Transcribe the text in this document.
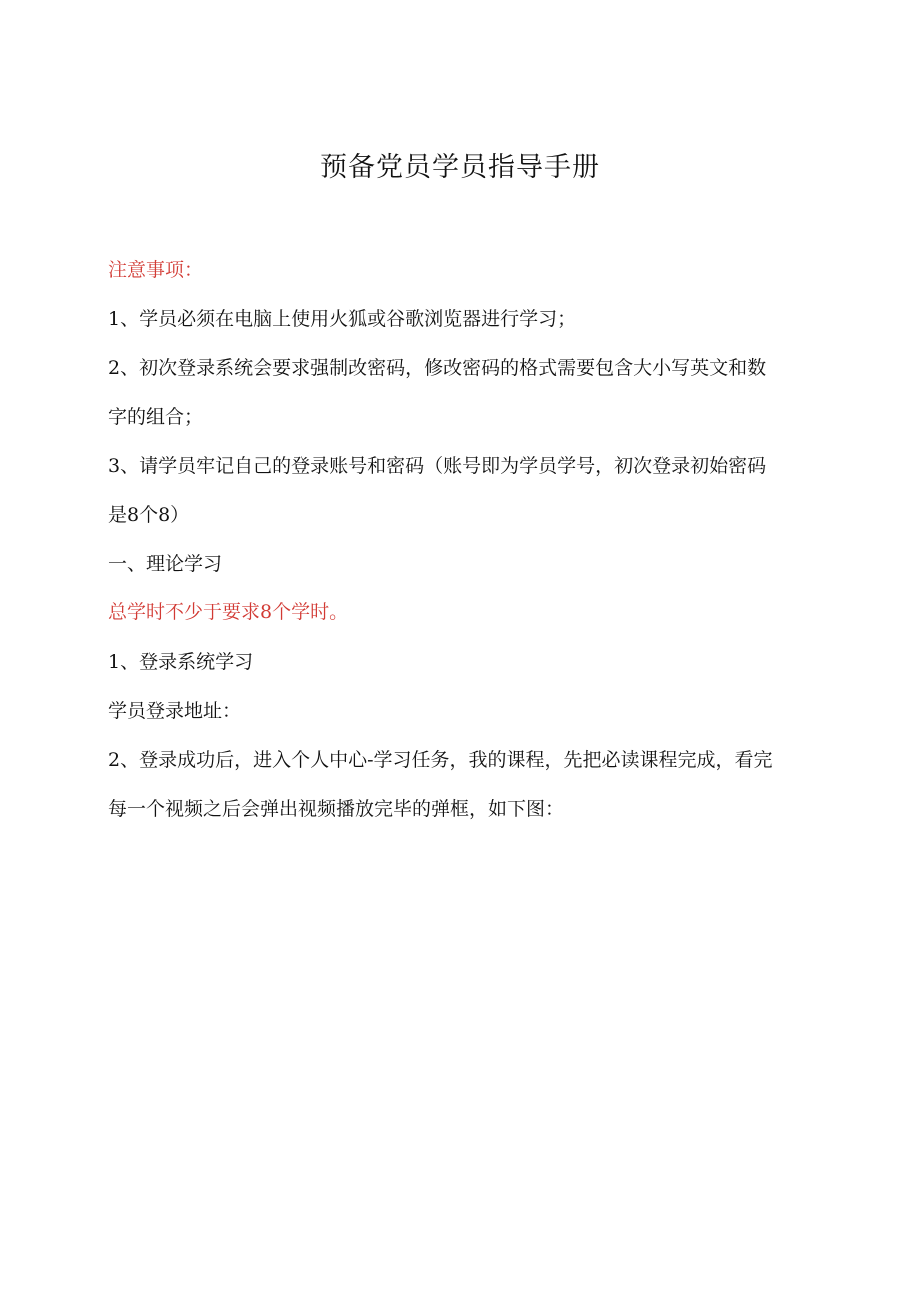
预备党员学员指导手册
注意事项：
1、学员必须在电脑上使用火狐或谷歌浏览器进行学习；
2、初次登录系统会要求强制改密码，修改密码的格式需要包含大小写英文和数
字的组合；
3、请学员牢记自己的登录账号和密码（账号即为学员学号，初次登录初始密码
是8个8）
一、理论学习
总学时不少于要求8个学时。
1、登录系统学习
学员登录地址：
2、登录成功后，进入个人中心-学习任务，我的课程，先把必读课程完成，看完
每一个视频之后会弹出视频播放完毕的弹框，如下图：
